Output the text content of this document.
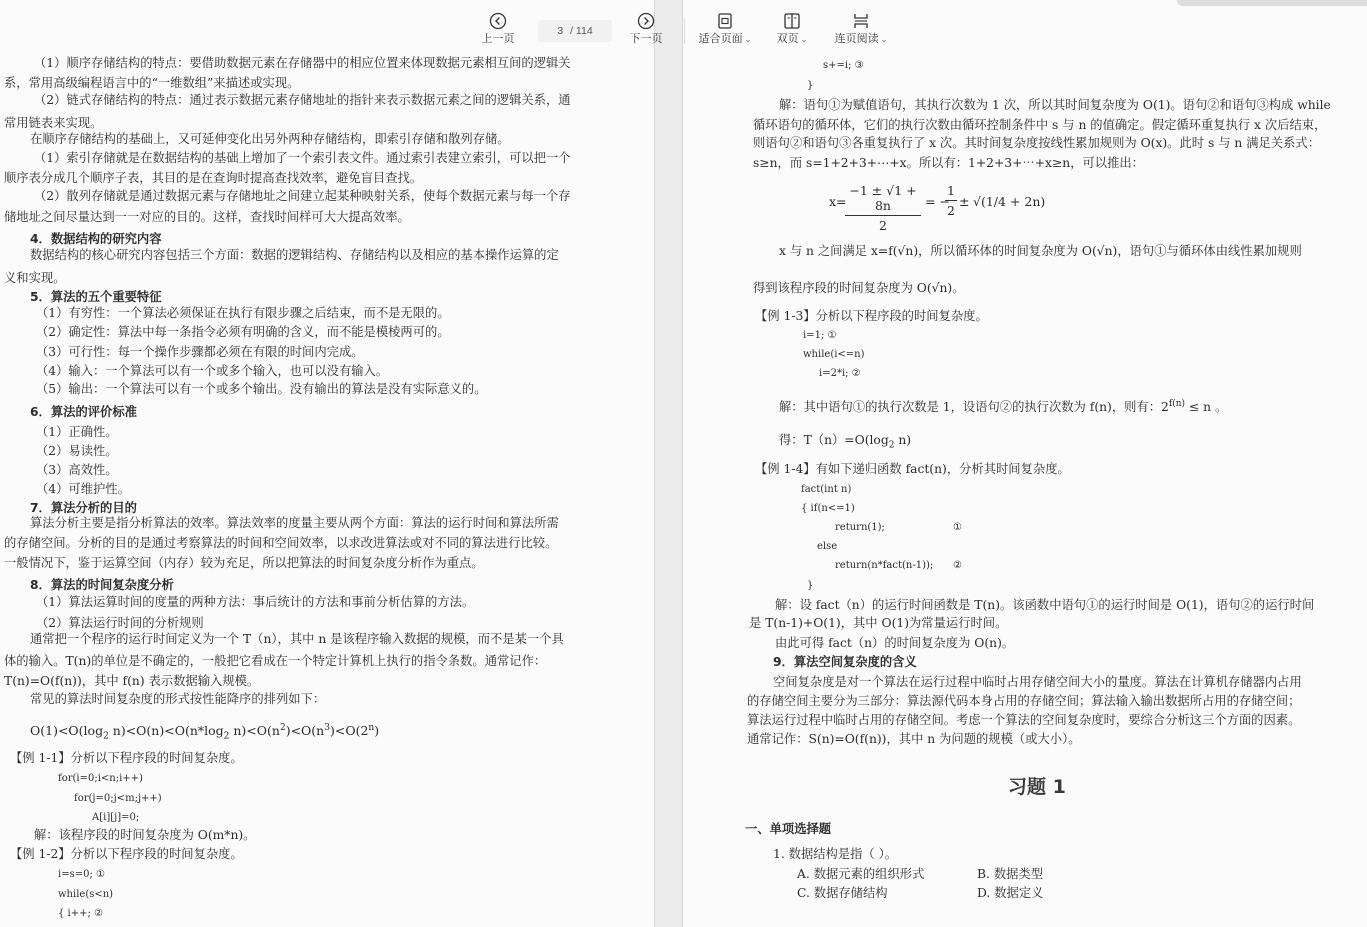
（1）顺序存储结构的特点：要借助数据元素在存储器中的相应位置来体现数据元素相互间的逻辑关
系，常用高级编程语言中的“一维数组”来描述或实现。
（2）链式存储结构的特点：通过表示数据元素存储地址的指针来表示数据元素之间的逻辑关系，通
常用链表来实现。
在顺序存储结构的基础上，又可延伸变化出另外两种存储结构，即索引存储和散列存储。
（1）索引存储就是在数据结构的基础上增加了一个索引表文件。通过索引表建立索引，可以把一个
顺序表分成几个顺序子表，其目的是在查询时提高查找效率，避免盲目查找。
（2）散列存储就是通过数据元素与存储地址之间建立起某种映射关系，使每个数据元素与每一个存
储地址之间尽量达到一一对应的目的。这样，查找时间样可大大提高效率。
4．数据结构的研究内容
数据结构的核心研究内容包括三个方面：数据的逻辑结构、存储结构以及相应的基本操作运算的定
义和实现。
5．算法的五个重要特征
（1）有穷性：一个算法必须保证在执行有限步骤之后结束，而不是无限的。
（2）确定性：算法中每一条指令必须有明确的含义，而不能是模棱两可的。
（3）可行性：每一个操作步骤都必须在有限的时间内完成。
（4）输入：一个算法可以有一个或多个输入，也可以没有输入。
（5）输出：一个算法可以有一个或多个输出。没有输出的算法是没有实际意义的。
6．算法的评价标准
（1）正确性。
（2）易读性。
（3）高效性。
（4）可维护性。
7．算法分析的目的
算法分析主要是指分析算法的效率。算法效率的度量主要从两个方面：算法的运行时间和算法所需
的存储空间。分析的目的是通过考察算法的时间和空间效率，以求改进算法或对不同的算法进行比较。
一般情况下，鉴于运算空间（内存）较为充足，所以把算法的时间复杂度分析作为重点。
8．算法的时间复杂度分析
（1）算法运算时间的度量的两种方法：事后统计的方法和事前分析估算的方法。
（2）算法运行时间的分析规则
通常把一个程序的运行时间定义为一个 T（n），其中 n 是该程序输入数据的规模，而不是某一个具
体的输入。T(n)的单位是不确定的，一般把它看成在一个特定计算机上执行的指令条数。通常记作：
T(n)=O(f(n))，其中 f(n) 表示数据输入规模。
常见的算法时间复杂度的形式按性能降序的排列如下：
$O(1)<O(\log_2$ $n)<O(n)<O(n*\log_2$ $n)<O(n^2)<O(n^3)<O(2^n)$
【例 1-1】分析以下程序段的时间复杂度。
for(i=0;i<n;i++)
for(j=0;j<m;j++)
A[i][j]=0;
解：该程序段的时间复杂度为 O(m*n)。
【例 1-2】分析以下程序段的时间复杂度。
i=s=0; ①
while(s<n)
{ i++; ②
s+=i; ③
}
解：语句①为赋值语句，其执行次数为 1 次，所以其时间复杂度为 O(1)。语句②和语句③构成 while
循环语句的循环体，它们的执行次数由循环控制条件中 s 与 n 的值确定。假定循环重复执行 x 次后结束，
则语句②和语句③各重复执行了 x 次。其时间复杂度按线性累加规则为 O(x)。此时 s 与 n 满足关系式：
s≥n，而 s=1+2+3+⋯+x。所以有：1+2+3+⋯+x≥n，可以推出：
x=
−1 ± √1 + 8n
2
= −
1
2
± √(1/4 + 2n)
x 与 n 之间满足 x=f(√n)，所以循环体的时间复杂度为 O(√n)，语句①与循环体由线性累加规则
得到该程序段的时间复杂度为 O(√n)。
【例 1-3】分析以下程序段的时间复杂度。
i=1; ①
while(i<=n)
i=2*i; ②
解：其中语句①的执行次数是 1，设语句②的执行次数为 f(n)，则有：$2^{f(n)} \le n$ 。
得：$T(n)=O(\log_2$ n)
【例 1-4】有如下递归函数 fact(n)，分析其时间复杂度。
fact(int n)
{ if(n<=1)
return(1);	①
else
return(n*fact(n-1)); ②
}
解：设 fact（n）的运行时间函数是 T(n)。该函数中语句①的运行时间是 O(1)，语句②的运行时间
是 T(n-1)+O(1)，其中 O(1)为常量运行时间。
由此可得 fact（n）的时间复杂度为 O(n)。
9．算法空间复杂度的含义
空间复杂度是对一个算法在运行过程中临时占用存储空间大小的量度。算法在计算机存储器内占用
的存储空间主要分为三部分：算法源代码本身占用的存储空间；算法输入输出数据所占用的存储空间；
算法运行过程中临时占用的存储空间。考虑一个算法的空间复杂度时，要综合分析这三个方面的因素。
通常记作：S(n)=O(f(n))，其中 n 为问题的规模（或大小）。
一、单项选择题
1. 数据结构是指（ ）。
A. 数据元素的组织形式	B. 数据类型
C. 数据存储结构	D. 数据定义
习题 1
上一页
3 / 114
下一页	适合页面 ⌄	双页 ⌄	连页阅读 ⌄
